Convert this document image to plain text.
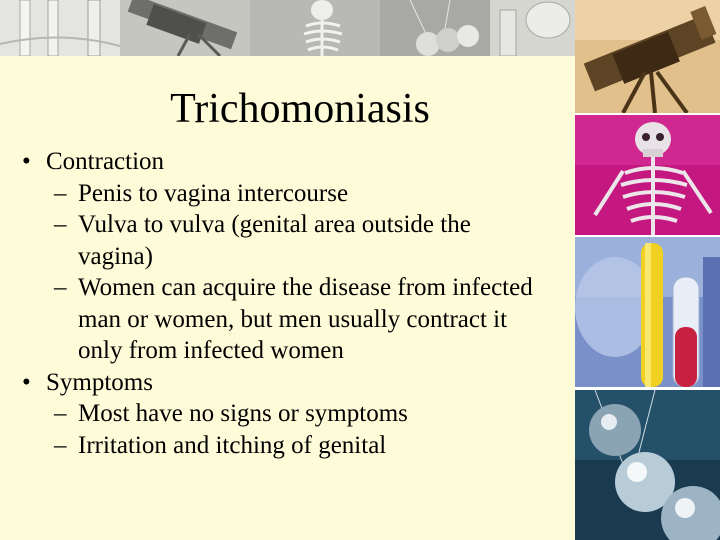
Trichomoniasis
• Contraction
– Penis to vagina intercourse
– Vulva to vulva (genital area outside the vagina)
– Women can acquire the disease from infected man or women, but men usually contract it only from infected women
• Symptoms
– Most have no signs or symptoms
– Irritation and itching of genital
